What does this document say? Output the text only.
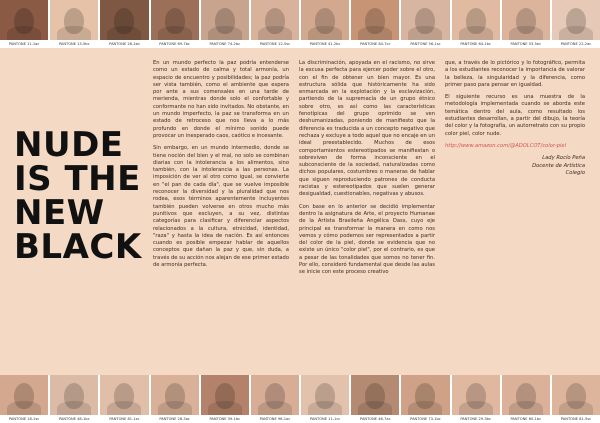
PANTONE 11-1ac	PANTONE 13-5bc	PANTONE 28-1sb	PANTONE 69-7bc	PANTONE 74-2bc	PANTONE 12-5sc	PANTONE 41-2bc	PANTONE 84-7cc	PANTONE 56-1sc	PANTONE 64-1bc	PANTONE 53-5ec	PANTONE 22-2ac
NUDE
IS THE
NEW
BLACK

En un mundo perfecto la paz podría entenderse como un estado de calma y total armonía, un espacio de encuentro y posibilidades; la paz podría ser vista también, como el ambiente que espera por ante a sus comensales en una tarde de merienda, mientras donde solo el confortable y conformante no han sido invitados. No obstante, en un mundo imperfecto, la paz se transforma en un estado de retroceso que nos lleva a lo más profundo en donde el mínimo sonido puede provocar un inesperado caos, caótico e incesante.

Sin embargo, en un mundo intermedio, donde se tiene noción del bien y el mal, no solo se combinan diarias con la intolerancia a los alimentos, sino también, con la intolerancia a las personas. La imposición de ver al otro como igual, se convierte en "el pan de cada día", que se vuelve imposible reconocer la diversidad y la pluralidad que nos rodea, esos términos aparentemente incluyentes también pueden volverse en otros mucho más punitivos que excluyen, a su vez, distintas categorías para clasificar y diferenciar aspectos relacionados a la cultura, etnicidad, identidad, "raza" y hasta la idea de nación. Es así entonces cuando es posible empezar hablar de aquellos conceptos que dañan la paz y que, sin duda, a través de su acción nos alejan de ese primer estado de armonía perfecta.

La discriminación, apoyada en el racismo, no sirve la excusa perfecta para ejercer poder sobre el otro, con el fin de obtener un bien mayor. Es una estructura sólida que históricamente ha sido enmarcada en la explotación y la esclavización, partiendo de la supremacía de un grupo étnico sobre otro, es así como las características fenotípicas del grupo oprimido se ven deshumanizadas, poniendo de manifiesto que la diferencia es traducida a un concepto negativo que rechaza y excluye a todo aquel que no encaje en un ideal preestablecido. Muchos de esos comportamientos estereotipados se manifiestan o sobreviven de forma inconsciente en el subconsciente de la sociedad, naturalizadas como dichos populares, costumbres o maneras de hablar que siguen reproduciendo patrones de conducta racistas y estereotipados que suelen generar desigualdad, cuestionables, negativas y abusos.

Con base en lo anterior se decidió implementar dentro la asignatura de Arte, el proyecto Humanae de la Artista Brasileña Angélica Dass, cuyo eje principal es transformar la manera en como nos vemos y cómo podemos ser representados a partir del color de la piel, donde se evidencia que no existe un único "color piel", por el contrario, es que a pesar de las tonalidades que somos no tener fin. Por ello, consideró fundamental que desde las aulas se inicie con este proceso creativo

que, a través de lo pictórico y lo fotográfico, permita a los estudiantes reconocer la importancia de valorar la belleza, la singularidad y la diferencia, como primer paso para pensar en igualdad.

El siguiente recurso es una muestra de la metodología implementada cuando se aborda este temática dentro del aula, como resultado los estudiantes desarrollan, a partir del dibujo, la teoría del color y la fotografía, un autorretrato con su propio color piel, color nude.

http://www.amazon.com/@ADOLCOT/color-piel

Lady Rocío Peña
Docente de Artística
Colegio

PANTONE 18-1sc	PANTONE 48-1bc	PANTONE 81-1sc	PANTONE 28-3ac	PANTONE 39-1bc	PANTONE 96-1ac	PANTONE 11-1cc	PANTONE 46-7ac	PANTONE 73-1bc	PANTONE 29-3bc	PANTONE 60-1bc	PANTONE 61-5sc
